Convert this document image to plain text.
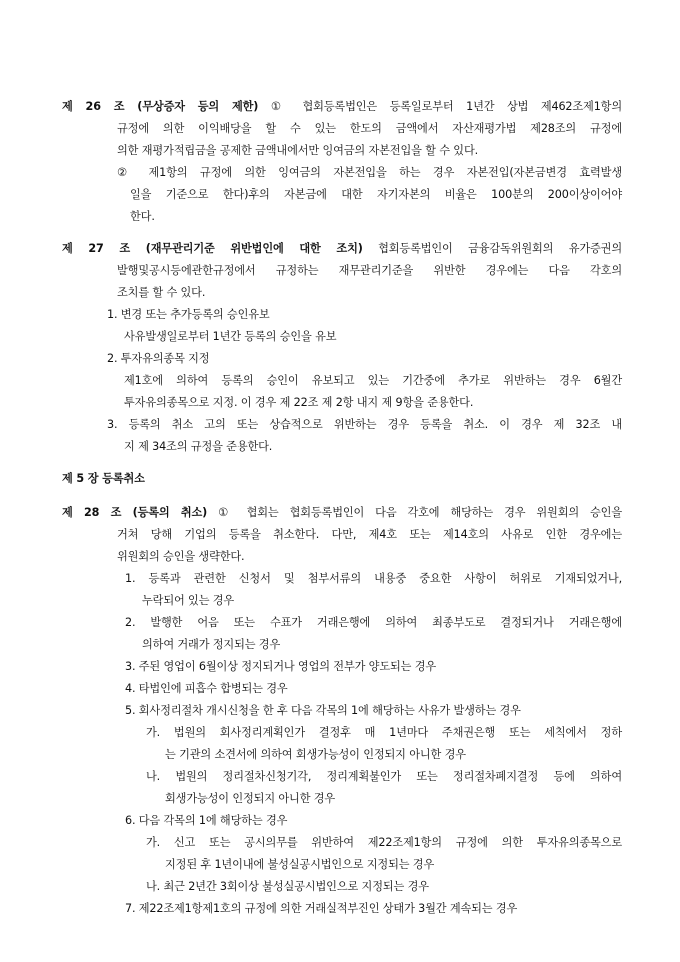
제 26 조 (무상증자 등의 제한) ① 협회등록법인은 등록일로부터 1년간 상법 제462조제1항의
규정에 의한 이익배당을 할 수 있는 한도의 금액에서 자산재평가법 제28조의 규정에
의한 재평가적립금을 공제한 금액내에서만 잉여금의 자본전입을 할 수 있다.
② 제1항의 규정에 의한 잉여금의 자본전입을 하는 경우 자본전입(자본금변경 효력발생
일을 기준으로 한다)후의 자본금에 대한 자기자본의 비율은 100분의 200이상이어야
한다.
제 27 조 (재무관리기준 위반법인에 대한 조치) 협회등록법인이 금융감독위원회의 유가증권의
발행및공시등에관한규정에서 규정하는 재무관리기준을 위반한 경우에는 다음 각호의
조치를 할 수 있다.
1. 변경 또는 추가등록의 승인유보
사유발생일로부터 1년간 등록의 승인을 유보
2. 투자유의종목 지정
제1호에 의하여 등록의 승인이 유보되고 있는 기간중에 추가로 위반하는 경우 6월간
투자유의종목으로 지정. 이 경우 제 22조 제 2항 내지 제 9항을 준용한다.
3. 등록의 취소 고의 또는 상습적으로 위반하는 경우 등록을 취소. 이 경우 제 32조 내
지 제 34조의 규정을 준용한다.
제 5 장 등록취소
제 28 조 (등록의 취소) ① 협회는 협회등록법인이 다음 각호에 해당하는 경우 위원회의 승인을
거쳐 당해 기업의 등록을 취소한다. 다만, 제4호 또는 제14호의 사유로 인한 경우에는
위원회의 승인을 생략한다.
1. 등록과 관련한 신청서 및 첨부서류의 내용중 중요한 사항이 허위로 기재되었거나,
누락되어 있는 경우
2. 발행한 어음 또는 수표가 거래은행에 의하여 최종부도로 결정되거나 거래은행에
의하여 거래가 정지되는 경우
3. 주된 영업이 6월이상 정지되거나 영업의 전부가 양도되는 경우
4. 타법인에 피흡수 합병되는 경우
5. 회사정리절차 개시신청을 한 후 다음 각목의 1에 해당하는 사유가 발생하는 경우
가. 법원의 회사정리계획인가 결정후 매 1년마다 주채권은행 또는 세칙에서 정하
는 기관의 소견서에 의하여 회생가능성이 인정되지 아니한 경우
나. 법원의 정리절차신청기각, 정리계획불인가 또는 정리절차폐지결정 등에 의하여
회생가능성이 인정되지 아니한 경우
6. 다음 각목의 1에 해당하는 경우
가. 신고 또는 공시의무를 위반하여 제22조제1항의 규정에 의한 투자유의종목으로
지정된 후 1년이내에 불성실공시법인으로 지정되는 경우
나. 최근 2년간 3회이상 불성실공시법인으로 지정되는 경우
7. 제22조제1항제1호의 규정에 의한 거래실적부진인 상태가 3월간 계속되는 경우
